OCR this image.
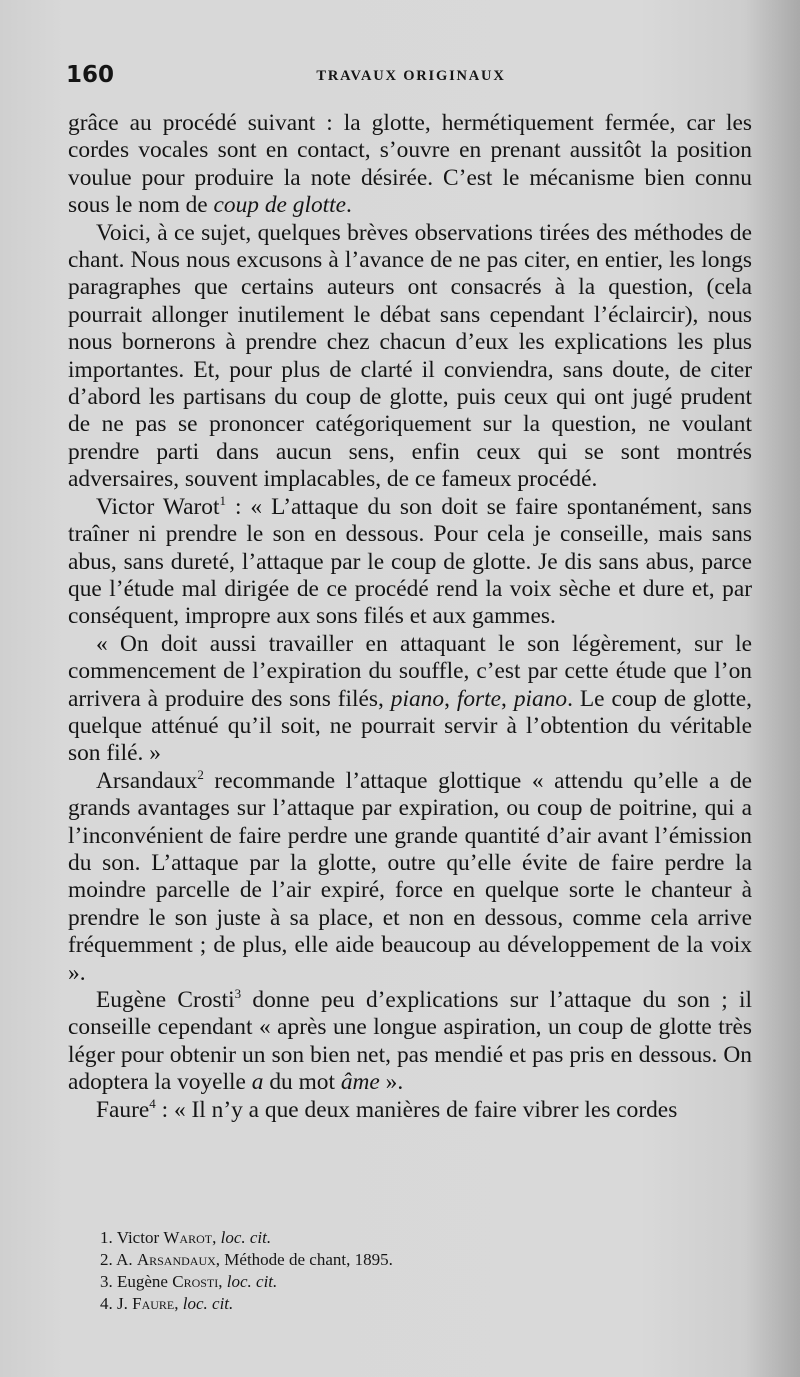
160	TRAVAUX ORIGINAUX

grâce au procédé suivant : la glotte, hermétiquement fermée, car les cordes vocales sont en contact, s’ouvre en prenant aussitôt la position voulue pour produire la note désirée. C’est le mécanisme bien connu sous le nom de coup de glotte.

Voici, à ce sujet, quelques brèves observations tirées des méthodes de chant. Nous nous excusons à l’avance de ne pas citer, en entier, les longs paragraphes que certains auteurs ont consacrés à la question, (cela pourrait allonger inutilement le débat sans cependant l’éclaircir), nous nous bornerons à prendre chez chacun d’eux les explications les plus importantes. Et, pour plus de clarté il conviendra, sans doute, de citer d’abord les partisans du coup de glotte, puis ceux qui ont jugé prudent de ne pas se prononcer catégoriquement sur la question, ne voulant prendre parti dans aucun sens, enfin ceux qui se sont montrés adversaires, souvent implacables, de ce fameux procédé.

Victor Warot$^1$ : « L’attaque du son doit se faire spontanément, sans traîner ni prendre le son en dessous. Pour cela je conseille, mais sans abus, sans dureté, l’attaque par le coup de glotte. Je dis sans abus, parce que l’étude mal dirigée de ce procédé rend la voix sèche et dure et, par conséquent, impropre aux sons filés et aux gammes.

« On doit aussi travailler en attaquant le son légèrement, sur le commencement de l’expiration du souffle, c’est par cette étude que l’on arrivera à produire des sons filés, piano, forte, piano. Le coup de glotte, quelque atténué qu’il soit, ne pourrait servir à l’obtention du véritable son filé. »

Arsandaux$^2$ recommande l’attaque glottique « attendu qu’elle a de grands avantages sur l’attaque par expiration, ou coup de poitrine, qui a l’inconvénient de faire perdre une grande quantité d’air avant l’émission du son. L’attaque par la glotte, outre qu’elle évite de faire perdre la moindre parcelle de l’air expiré, force en quelque sorte le chanteur à prendre le son juste à sa place, et non en dessous, comme cela arrive fréquemment ; de plus, elle aide beaucoup au développement de la voix ».

Eugène Crosti$^3$ donne peu d’explications sur l’attaque du son ; il conseille cependant « après une longue aspiration, un coup de glotte très léger pour obtenir un son bien net, pas mendié et pas pris en dessous. On adoptera la voyelle a du mot âme ».

Faure$^4$ : « Il n’y a que deux manières de faire vibrer les cordes

1. Victor Warot, loc. cit.
2. A. Arsandaux, Méthode de chant, 1895.
3. Eugène Crosti, loc. cit.
4. J. Faure, loc. cit.
